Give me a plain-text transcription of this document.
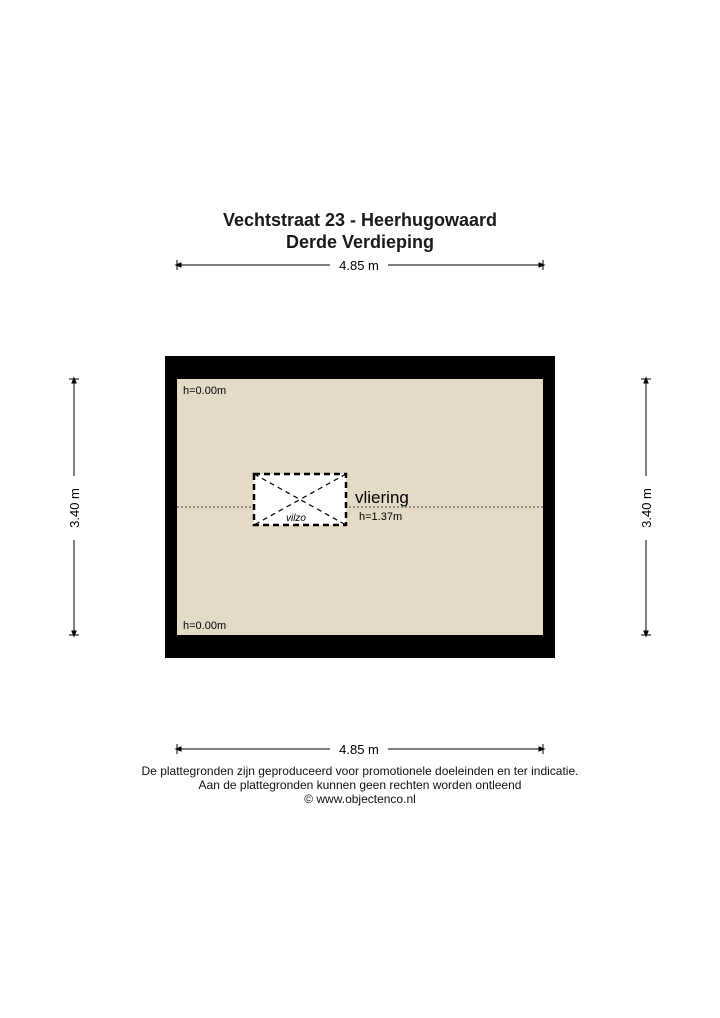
Vechtstraat 23 - Heerhugowaard
Derde Verdieping
4.85 m
vilzo
vliering
h=1.37m
h=0.00m
h=0.00m
3.40 m	3.40 m
4.85 m
De plattegronden zijn geproduceerd voor promotionele doeleinden en ter indicatie.
Aan de plattegronden kunnen geen rechten worden ontleend
© www.objectenco.nl
